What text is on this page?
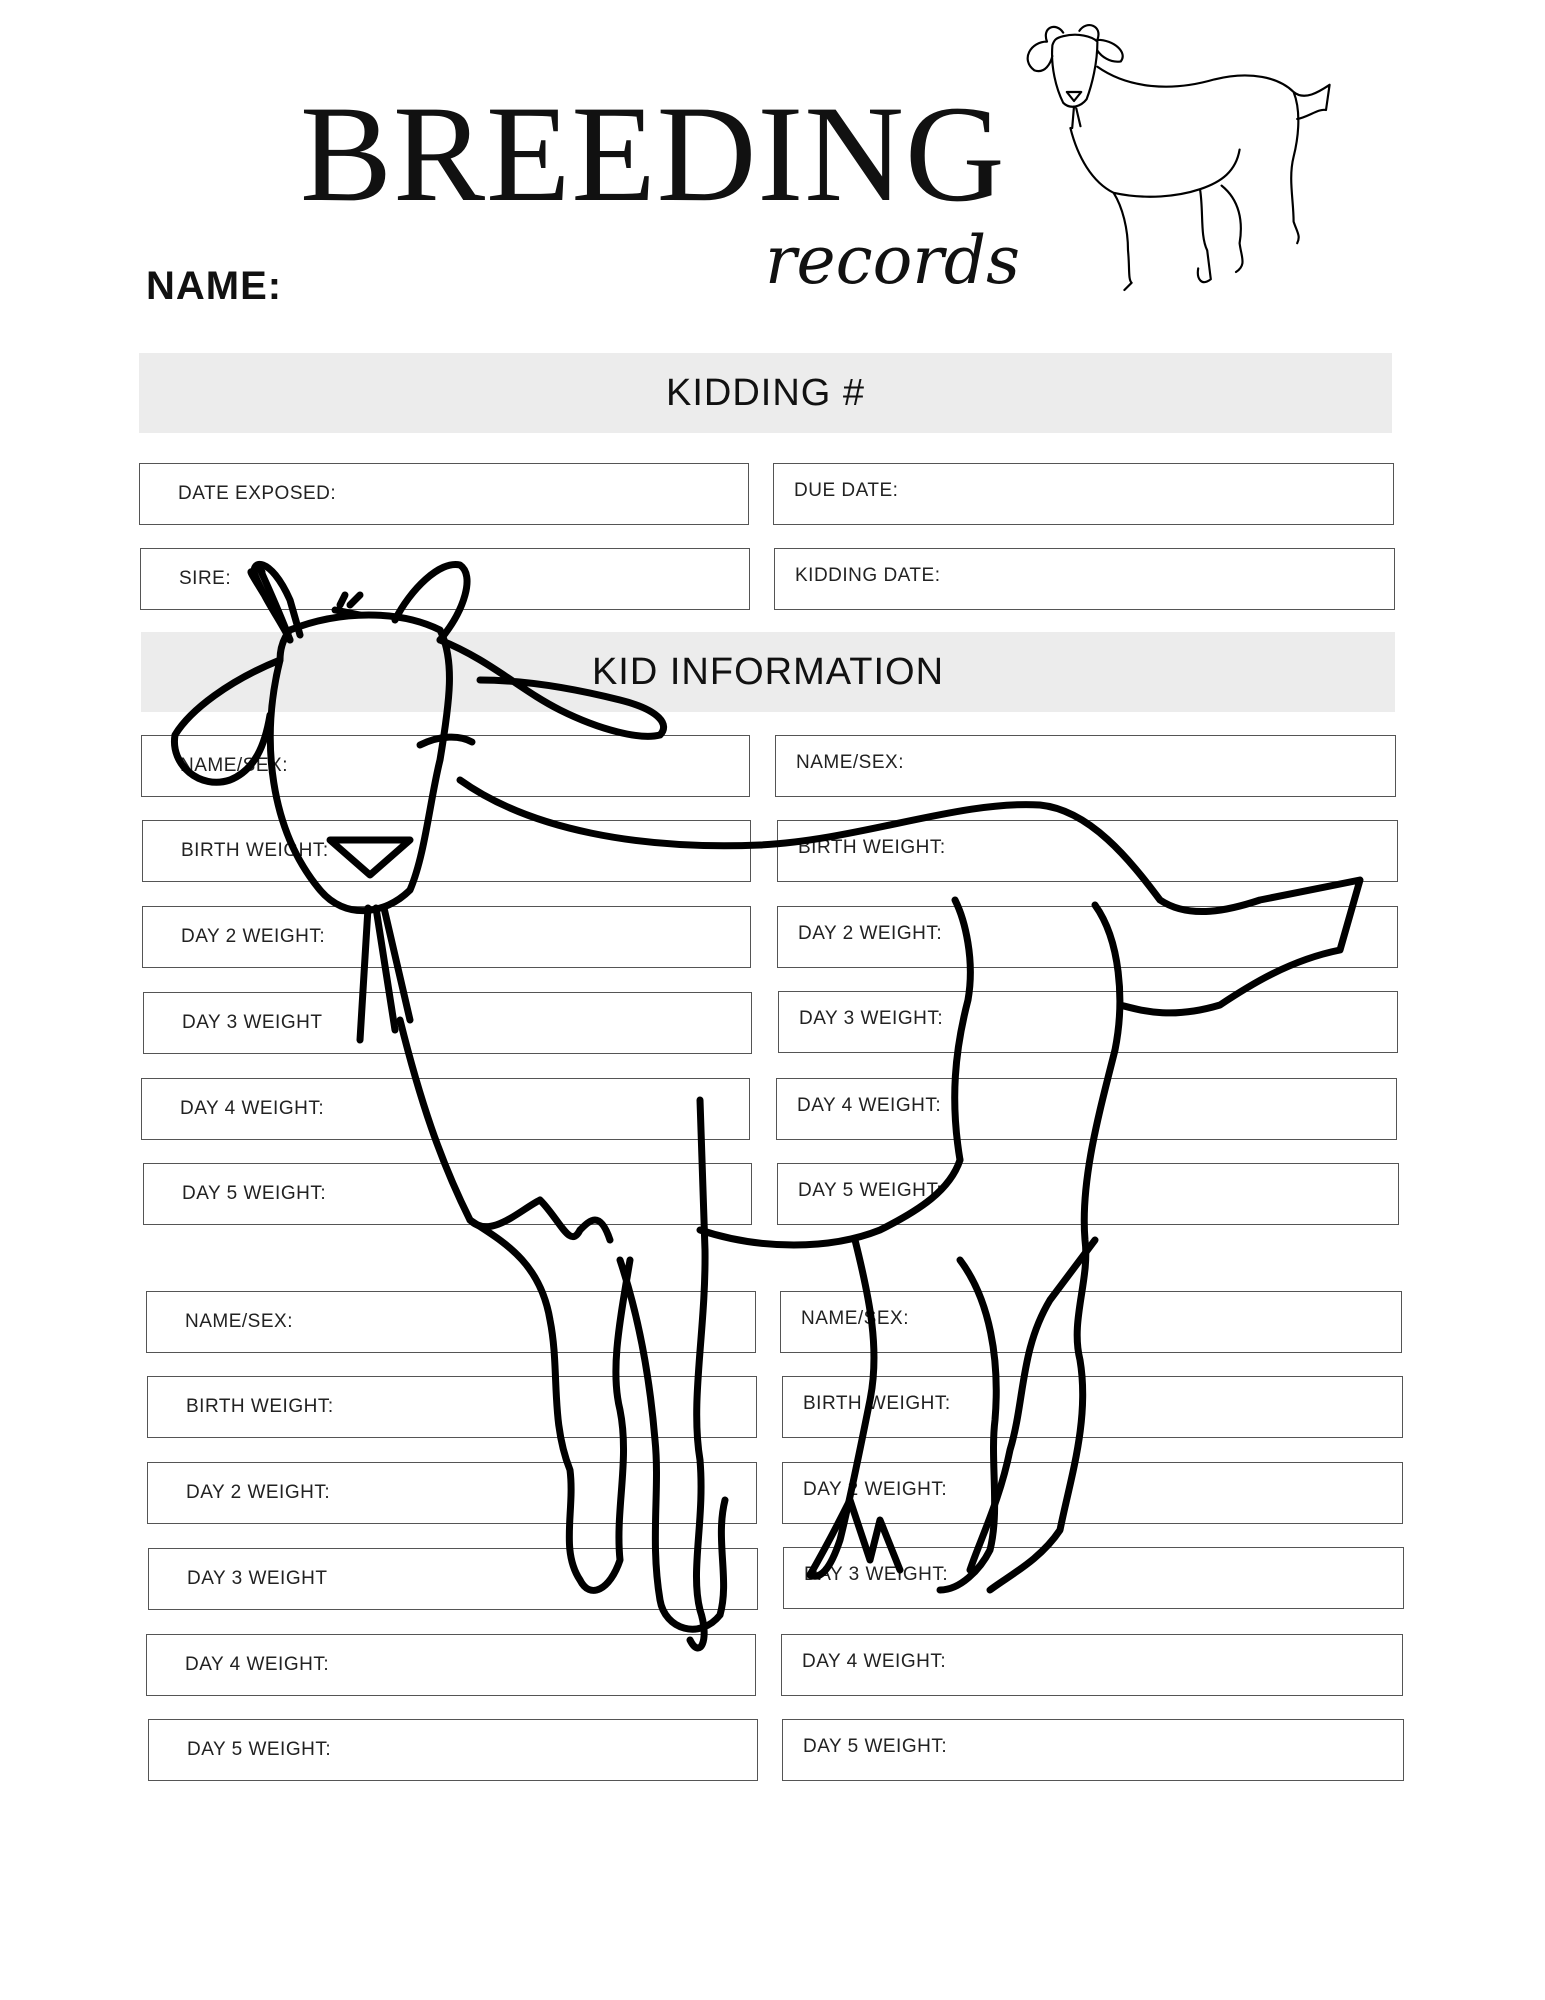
BREEDING
records
NAME:
KIDDING #
KID INFORMATION
DATE EXPOSED:	DUE DATE:
SIRE:	KIDDING DATE:
NAME/SEX:
BIRTH WEIGHT:
DAY 2 WEIGHT:
DAY 3 WEIGHT
DAY 4 WEIGHT:
DAY 5 WEIGHT:
NAME/SEX:
BIRTH WEIGHT:
DAY 2 WEIGHT:
DAY 3 WEIGHT:
DAY 4 WEIGHT:
DAY 5 WEIGHT:
NAME/SEX:
BIRTH WEIGHT:
DAY 2 WEIGHT:
DAY 3 WEIGHT
DAY 4 WEIGHT:
DAY 5 WEIGHT:
NAME/SEX:
BIRTH WEIGHT:
DAY 2 WEIGHT:
DAY 3 WEIGHT:
DAY 4 WEIGHT:
DAY 5 WEIGHT:
